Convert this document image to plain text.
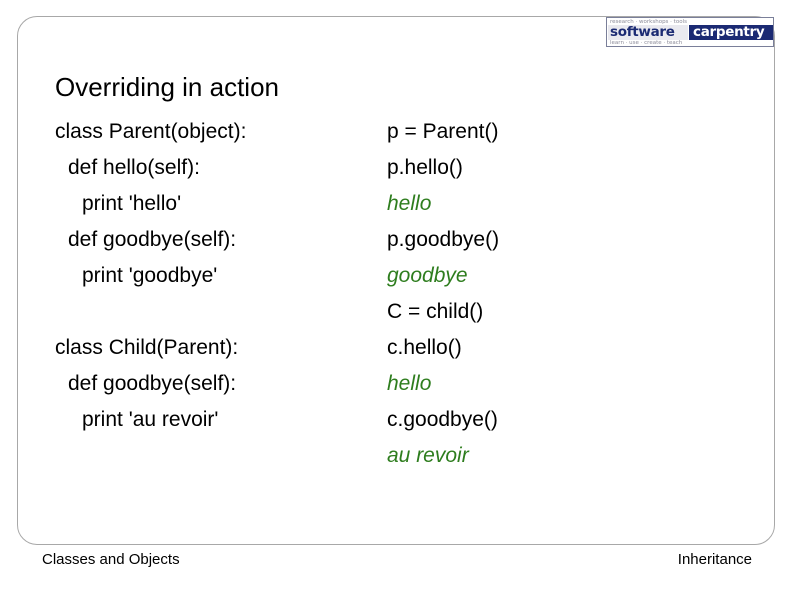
research · workshops · tools
software	carpentry
learn · use · create · teach
Overriding in action
class Parent(object):
def hello(self):
print 'hello'
def goodbye(self):
print 'goodbye'
class Child(Parent):
def goodbye(self):
print 'au revoir'
p = Parent()
p.hello()
hello
p.goodbye()
goodbye
C = child()
c.hello()
hello
c.goodbye()
au revoir
Classes and Objects	Inheritance
